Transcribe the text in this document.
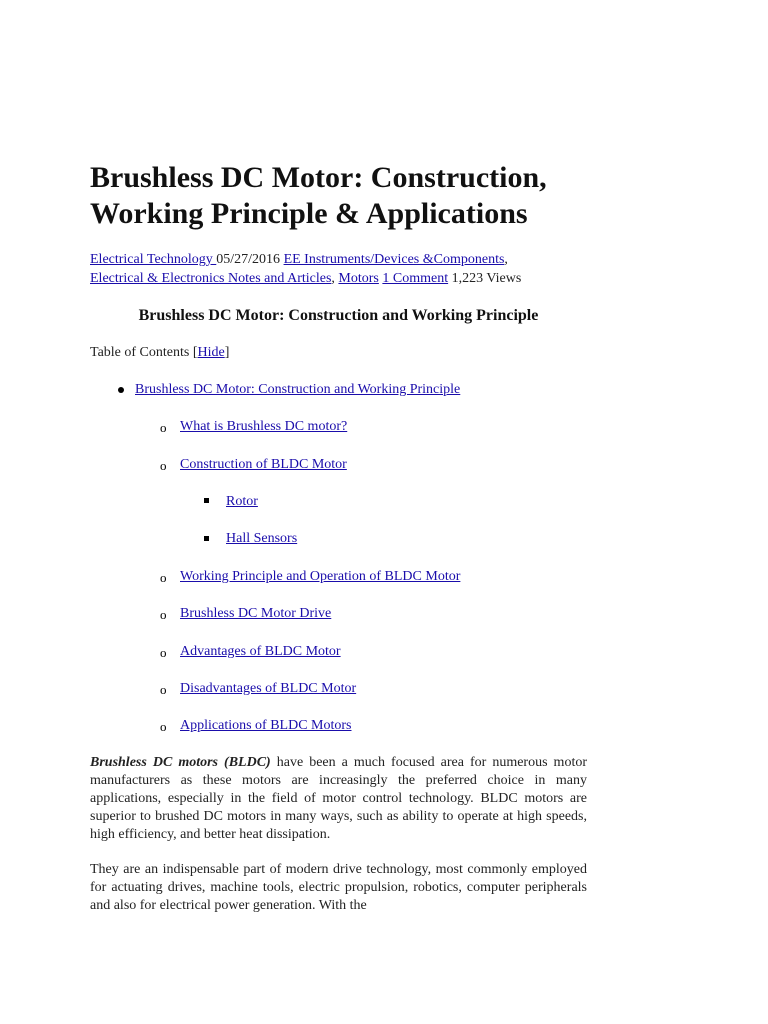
Brushless DC Motor: Construction,
Working Principle & Applications
Electrical Technology 05/27/2016 EE Instruments/Devices &Components,
Electrical & Electronics Notes and Articles, Motors 1 Comment 1,223 Views
Brushless DC Motor: Construction and Working Principle
Table of Contents [Hide]
Brushless DC Motor: Construction and Working Principle
o What is Brushless DC motor?
o Construction of BLDC Motor
Rotor
Hall Sensors
o Working Principle and Operation of BLDC Motor
o Brushless DC Motor Drive
o Advantages of BLDC Motor
o Disadvantages of BLDC Motor
o Applications of BLDC Motors

Brushless DC motors (BLDC) have been a much focused area for numerous motor manufacturers as these motors are increasingly the preferred choice in many applications, especially in the field of motor control technology. BLDC motors are superior to brushed DC motors in many ways, such as ability to operate at high speeds, high efficiency, and better heat dissipation.

They are an indispensable part of modern drive technology, most commonly employed for actuating drives, machine tools, electric propulsion, robotics, computer peripherals and also for electrical power generation. With the
